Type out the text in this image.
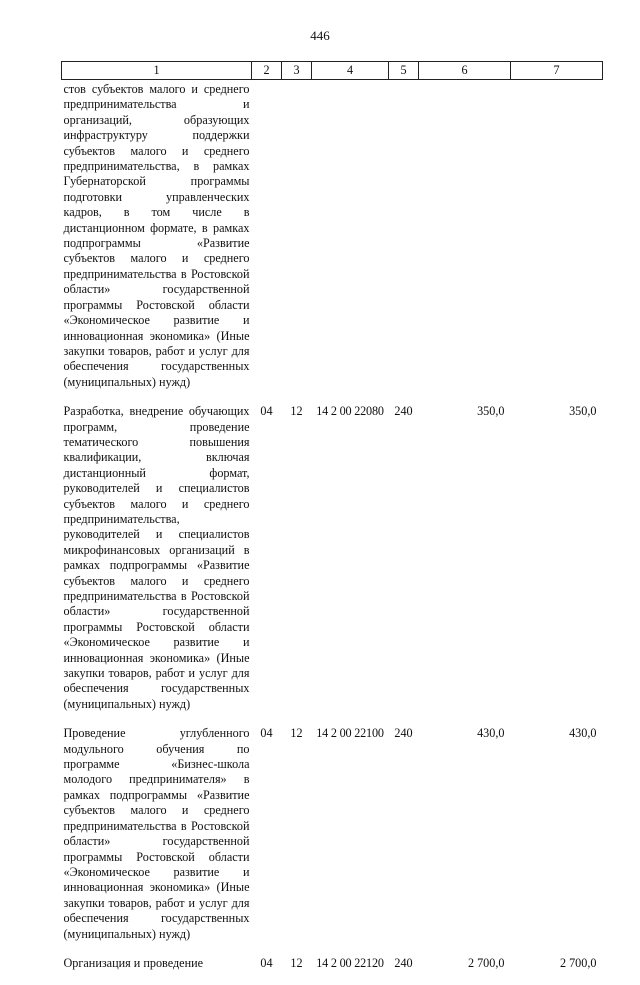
446
1	2	3	4	5	6	7
стов субъектов малого и среднего предпринимательства и организаций, образующих инфраструктуру поддержки субъектов малого и среднего предпринимательства, в рамках Губернаторской программы подготовки управленческих кадров, в том числе в дистанционном формате, в рамках подпрограммы «Развитие субъектов малого и среднего предпринимательства в Ростовской области» государственной программы Ростовской области «Экономическое развитие и инновационная экономика» (Иные закупки товаров, работ и услуг для обеспечения государственных (муниципальных) нужд)						
Разработка, внедрение обучающих программ, проведение тематического повышения квалификации, включая дистанционный формат, руководителей и специалистов субъектов малого и среднего предпринимательства, руководителей и специалистов микрофинансовых организаций в рамках подпрограммы «Развитие субъектов малого и среднего предпринимательства в Ростовской области» государственной программы Ростовской области «Экономическое развитие и инновационная экономика» (Иные закупки товаров, работ и услуг для обеспечения государственных (муниципальных) нужд)	04	12	14 2 00 22080	240	350,0	350,0
Проведение углубленного модульного обучения по программе «Бизнес-школа молодого предпринимателя» в рамках подпрограммы «Развитие субъектов малого и среднего предпринимательства в Ростовской области» государственной программы Ростовской области «Экономическое развитие и инновационная экономика» (Иные закупки товаров, работ и услуг для обеспечения государственных (муниципальных) нужд)	04	12	14 2 00 22100	240	430,0	430,0
Организация и проведение	04	12	14 2 00 22120	240	2 700,0	2 700,0
